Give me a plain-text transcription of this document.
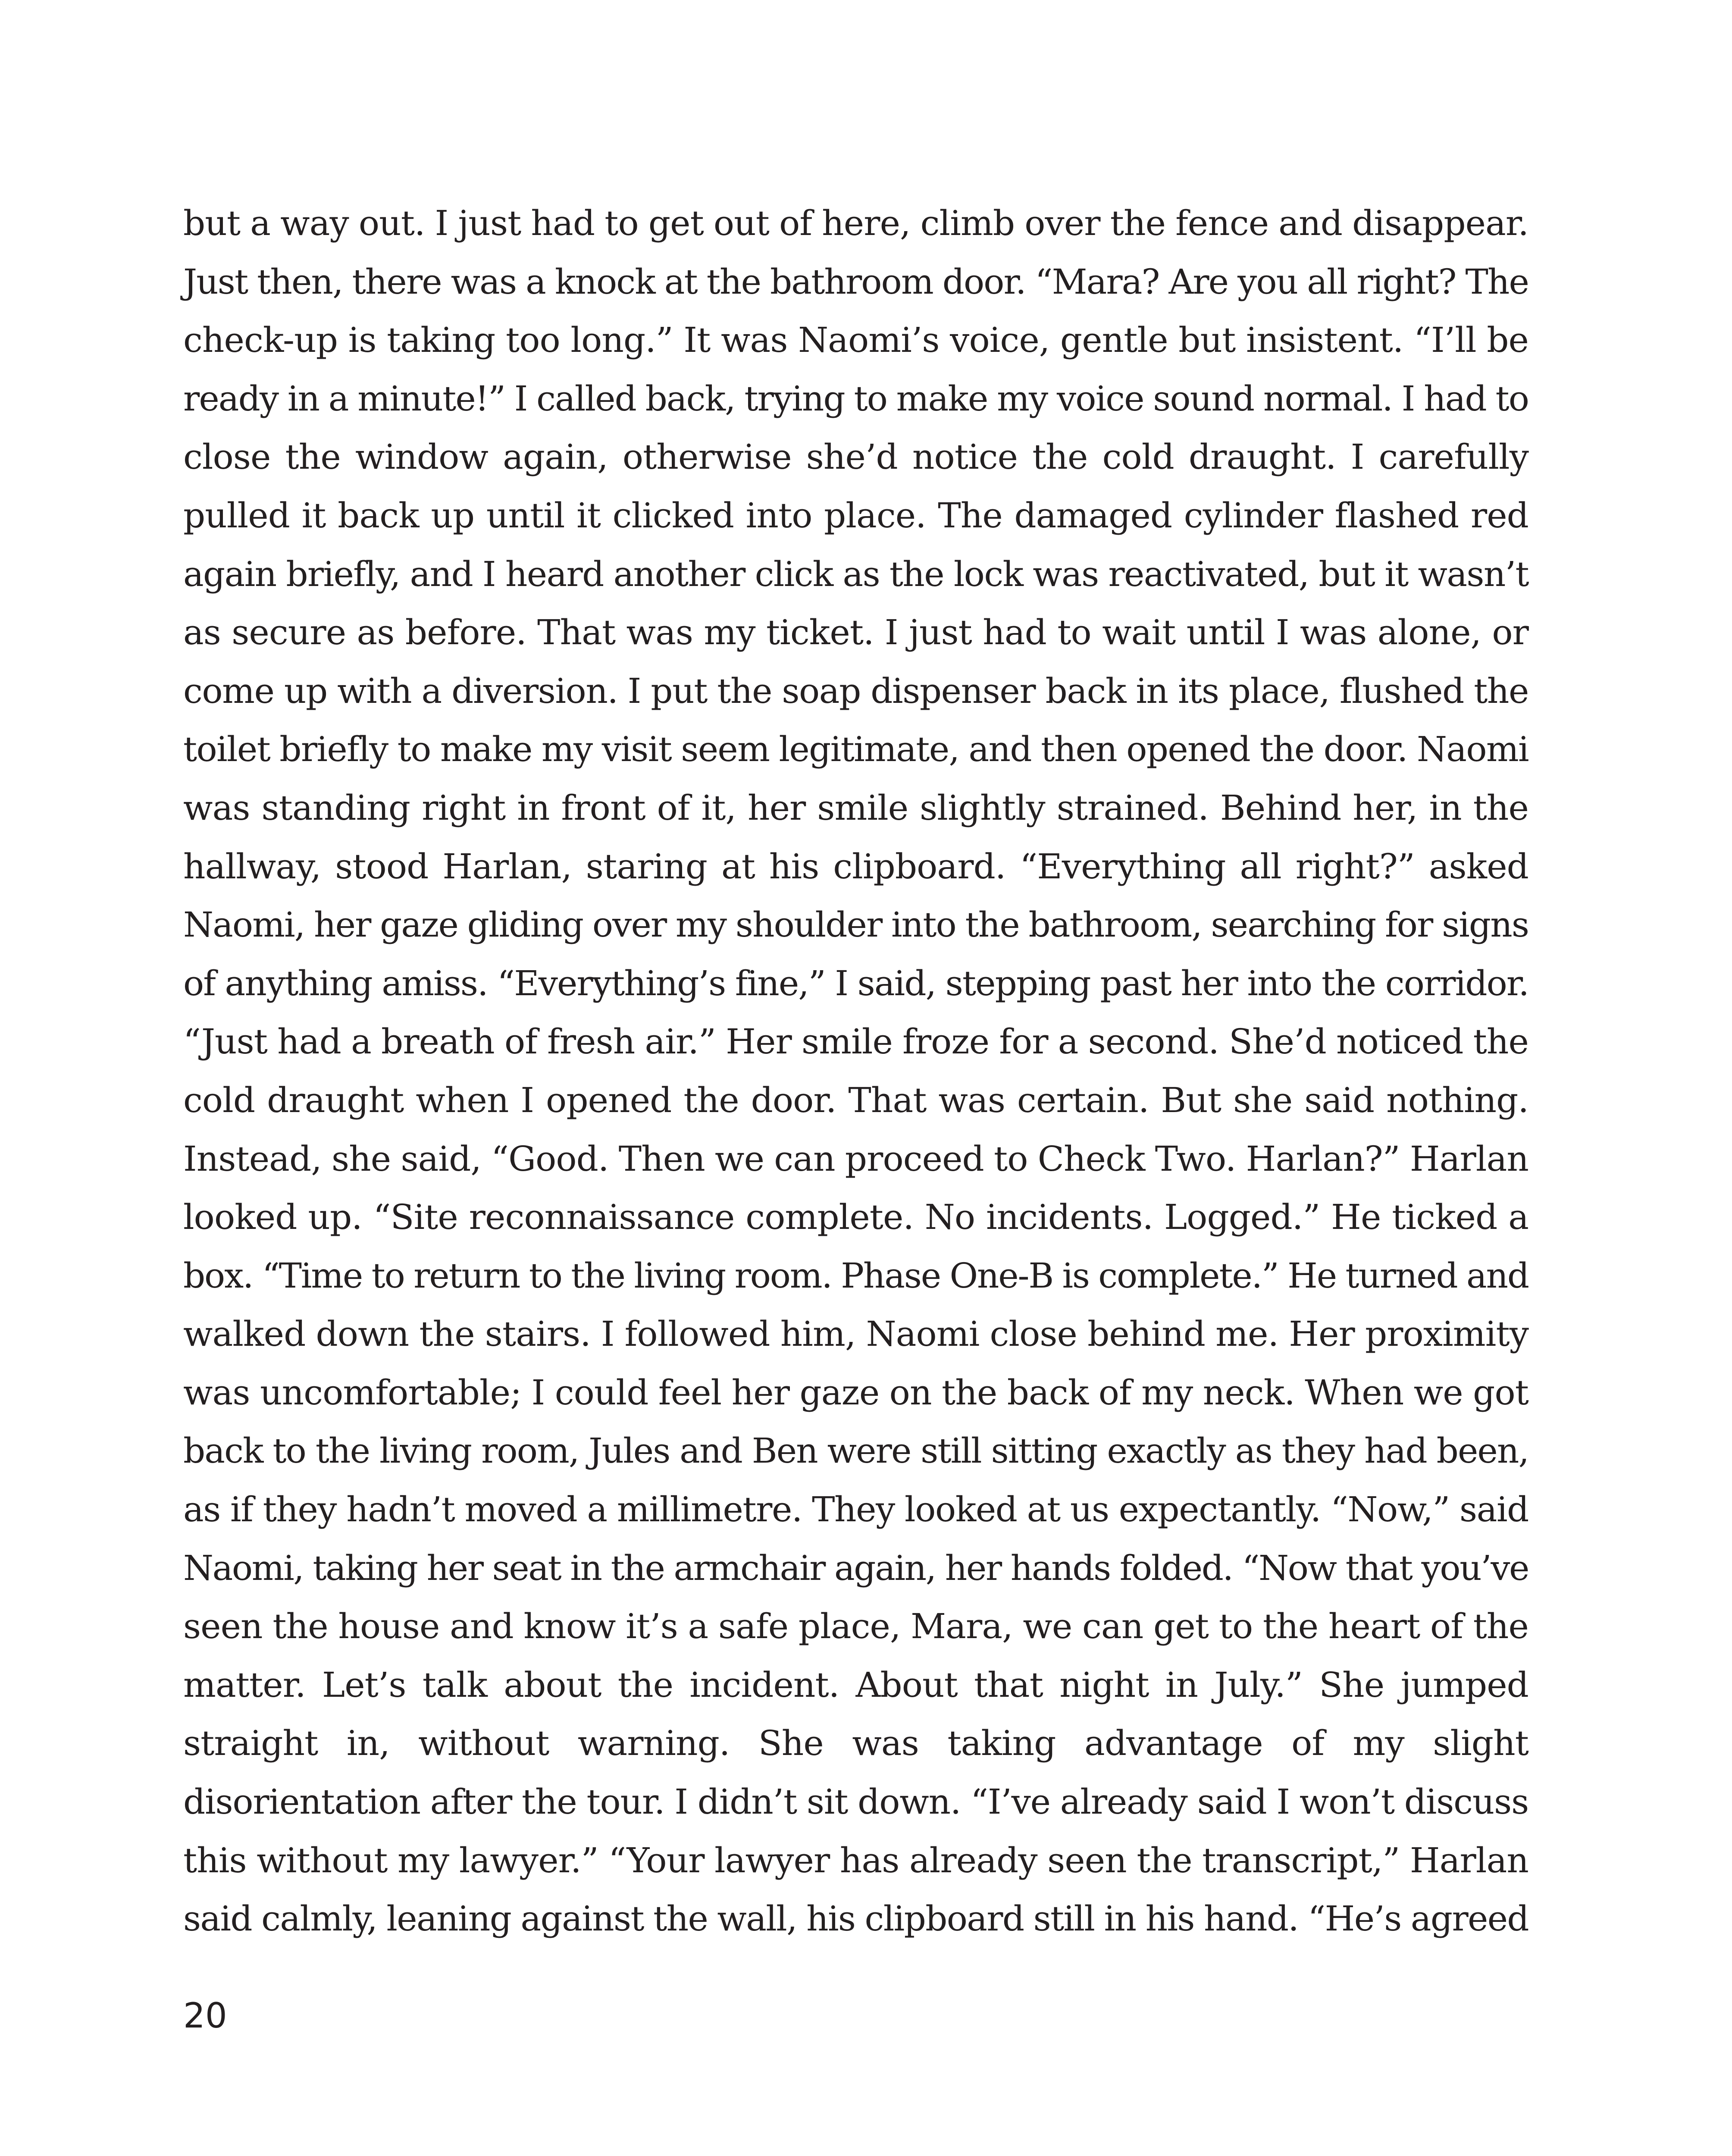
but a way out. I just had to get out of here, climb over the fence and disappear.
Just then, there was a knock at the bathroom door. “Mara? Are you all right? The
check-up is taking too long.” It was Naomi’s voice, gentle but insistent. “I’ll be
ready in a minute!” I called back, trying to make my voice sound normal. I had to
close the window again, otherwise she’d notice the cold draught. I carefully
pulled it back up until it clicked into place. The damaged cylinder flashed red
again briefly, and I heard another click as the lock was reactivated, but it wasn’t
as secure as before. That was my ticket. I just had to wait until I was alone, or
come up with a diversion. I put the soap dispenser back in its place, flushed the
toilet briefly to make my visit seem legitimate, and then opened the door. Naomi
was standing right in front of it, her smile slightly strained. Behind her, in the
hallway, stood Harlan, staring at his clipboard. “Everything all right?” asked
Naomi, her gaze gliding over my shoulder into the bathroom, searching for signs
of anything amiss. “Everything’s fine,” I said, stepping past her into the corridor.
“Just had a breath of fresh air.” Her smile froze for a second. She’d noticed the
cold draught when I opened the door. That was certain. But she said nothing.
Instead, she said, “Good. Then we can proceed to Check Two. Harlan?” Harlan
looked up. “Site reconnaissance complete. No incidents. Logged.” He ticked a
box. “Time to return to the living room. Phase One-B is complete.” He turned and
walked down the stairs. I followed him, Naomi close behind me. Her proximity
was uncomfortable; I could feel her gaze on the back of my neck. When we got
back to the living room, Jules and Ben were still sitting exactly as they had been,
as if they hadn’t moved a millimetre. They looked at us expectantly. “Now,” said
Naomi, taking her seat in the armchair again, her hands folded. “Now that you’ve
seen the house and know it’s a safe place, Mara, we can get to the heart of the
matter. Let’s talk about the incident. About that night in July.” She jumped
straight in, without warning. She was taking advantage of my slight
disorientation after the tour. I didn’t sit down. “I’ve already said I won’t discuss
this without my lawyer.” “Your lawyer has already seen the transcript,” Harlan
said calmly, leaning against the wall, his clipboard still in his hand. “He’s agreed

20
